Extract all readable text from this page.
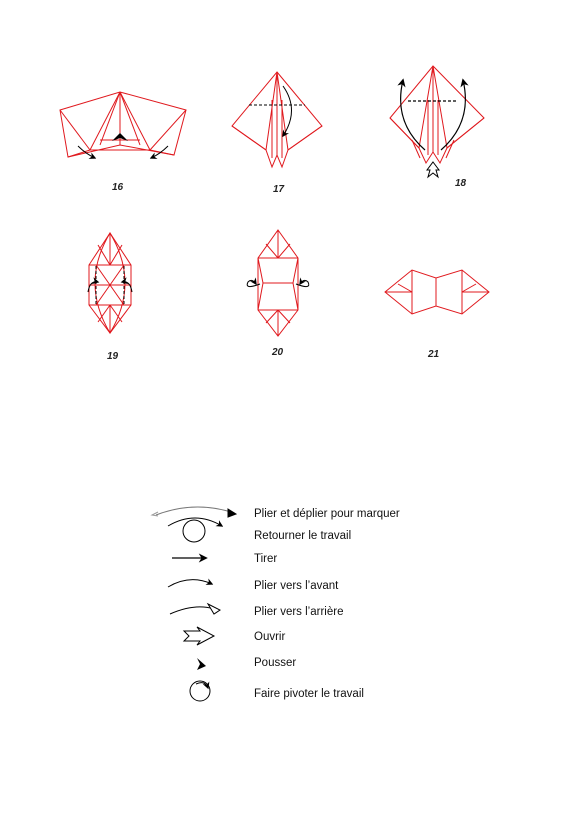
16	17
18
19	20	21
Plier et déplier pour marquer
Retourner le travail
Tirer
Plier vers l’avant
Plier vers l’arrière
Ouvrir
Pousser
Faire pivoter le travail
